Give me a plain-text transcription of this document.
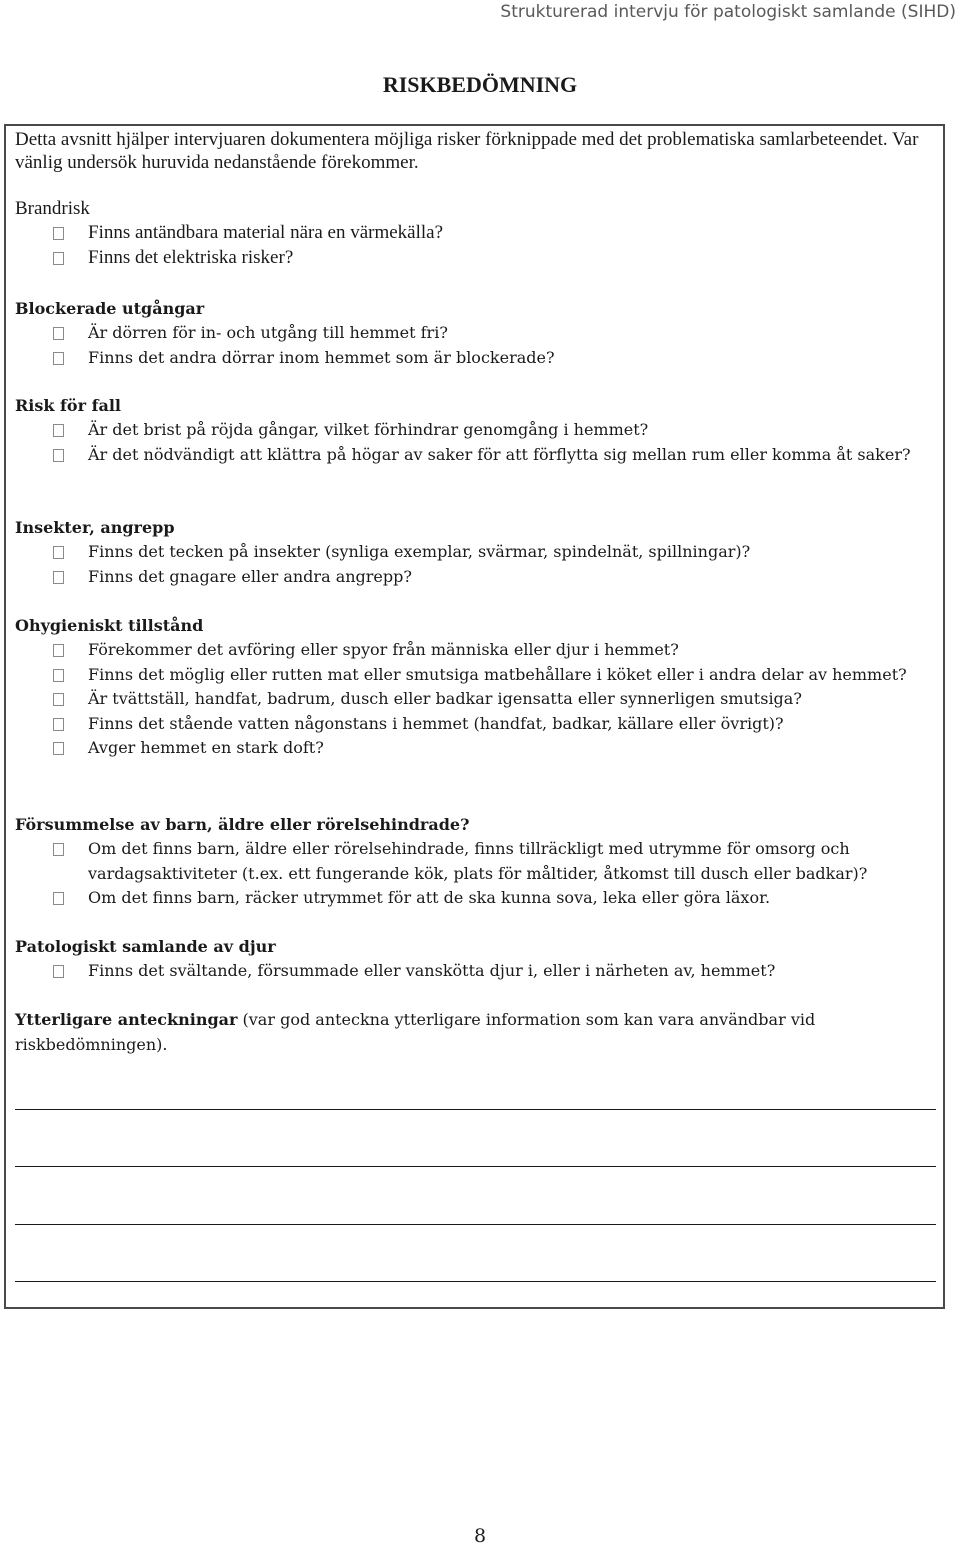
Strukturerad intervju för patologiskt samlande (SIHD)
RISKBEDÖMNING

Detta avsnitt hjälper intervjuaren dokumentera möjliga risker förknippade med det problematiska samlarbeteendet. Var vänlig undersök huruvida nedanstående förekommer.

Brandrisk
Finns antändbara material nära en värmekälla?
Finns det elektriska risker?
Blockerade utgångar
Är dörren för in- och utgång till hemmet fri?
Finns det andra dörrar inom hemmet som är blockerade?
Risk för fall
Är det brist på röjda gångar, vilket förhindrar genomgång i hemmet?
Är det nödvändigt att klättra på högar av saker för att förflytta sig mellan rum eller komma åt saker?
Insekter, angrepp
Finns det tecken på insekter (synliga exemplar, svärmar, spindelnät, spillningar)?
Finns det gnagare eller andra angrepp?
Ohygieniskt tillstånd
Förekommer det avföring eller spyor från människa eller djur i hemmet?
Finns det möglig eller rutten mat eller smutsiga matbehållare i köket eller i andra delar av hemmet?
Är tvättställ, handfat, badrum, dusch eller badkar igensatta eller synnerligen smutsiga?
Finns det stående vatten någonstans i hemmet (handfat, badkar, källare eller övrigt)?
Avger hemmet en stark doft?
Försummelse av barn, äldre eller rörelsehindrade?
Om det finns barn, äldre eller rörelsehindrade, finns tillräckligt med utrymme för omsorg och vardagsaktiviteter (t.ex. ett fungerande kök, plats för måltider, åtkomst till dusch eller badkar)?
Om det finns barn, räcker utrymmet för att de ska kunna sova, leka eller göra läxor.
Patologiskt samlande av djur
Finns det svältande, försummade eller vanskötta djur i, eller i närheten av, hemmet?

Ytterligare anteckningar (var god anteckna ytterligare information som kan vara användbar vid riskbedömningen).

8
